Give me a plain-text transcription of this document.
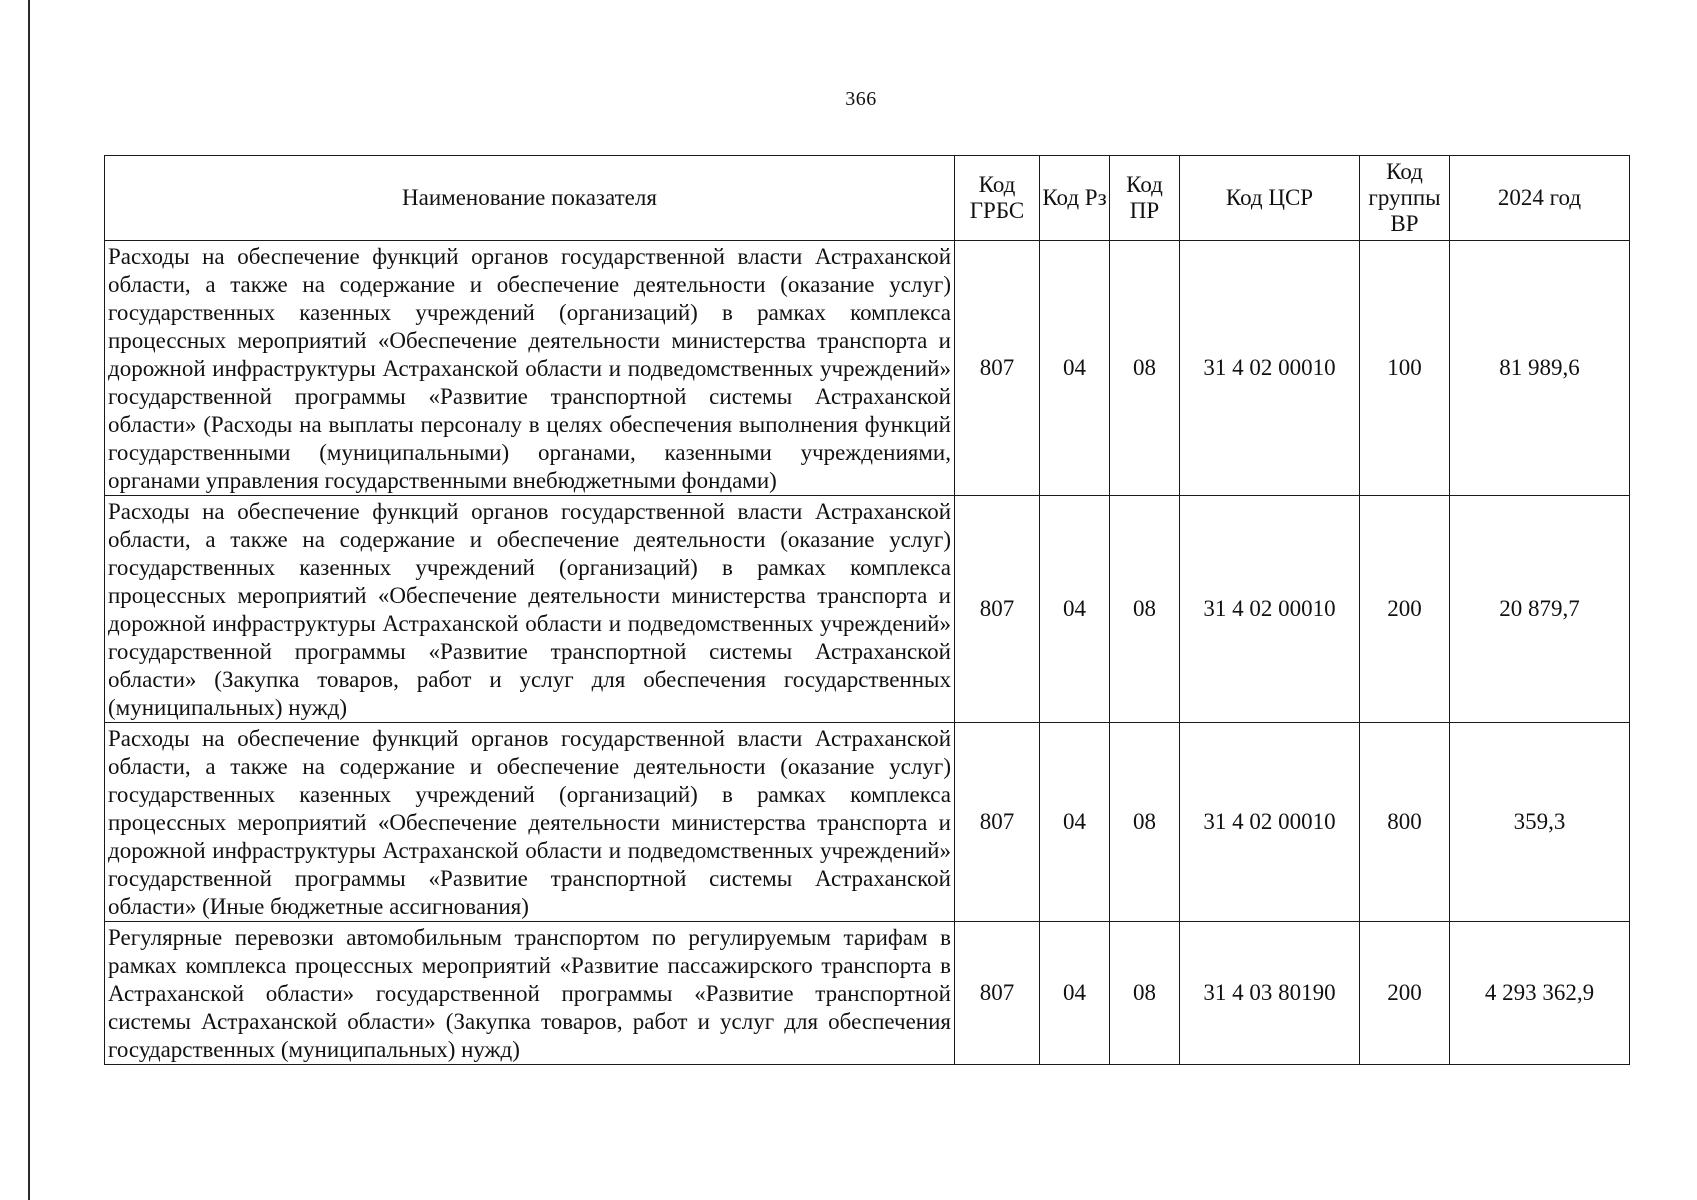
366
Наименование показателя	Код ГРБС	Код Рз	Код ПР	Код ЦСР	Код группы ВР	2024 год
Расходы на обеспечение функций органов государственной власти Астраханской области, а также на содержание и обеспечение деятельности (оказание услуг) государственных казенных учреждений (организаций) в рамках комплекса процессных мероприятий «Обеспечение деятельности министерства транспорта и дорожной инфраструктуры Астраханской области и подведомственных учреждений» государственной программы «Развитие транспортной системы Астраханской области» (Расходы на выплаты персоналу в целях обеспечения выполнения функций государственными (муниципальными) органами, казенными учреждениями, органами управления государственными внебюджетными фондами)	807	04	08	31 4 02 00010	100	81 989,6
Расходы на обеспечение функций органов государственной власти Астраханской области, а также на содержание и обеспечение деятельности (оказание услуг) государственных казенных учреждений (организаций) в рамках комплекса процессных мероприятий «Обеспечение деятельности министерства транспорта и дорожной инфраструктуры Астраханской области и подведомственных учреждений» государственной программы «Развитие транспортной системы Астраханской области» (Закупка товаров, работ и услуг для обеспечения государственных (муниципальных) нужд)	807	04	08	31 4 02 00010	200	20 879,7
Расходы на обеспечение функций органов государственной власти Астраханской области, а также на содержание и обеспечение деятельности (оказание услуг) государственных казенных учреждений (организаций) в рамках комплекса процессных мероприятий «Обеспечение деятельности министерства транспорта и дорожной инфраструктуры Астраханской области и подведомственных учреждений» государственной программы «Развитие транспортной системы Астраханской области» (Иные бюджетные ассигнования)	807	04	08	31 4 02 00010	800	359,3
Регулярные перевозки автомобильным транспортом по регулируемым тарифам в рамках комплекса процессных мероприятий «Развитие пассажирского транспорта в Астраханской области» государственной программы «Развитие транспортной системы Астраханской области» (Закупка товаров, работ и услуг для обеспечения государственных (муниципальных) нужд)	807	04	08	31 4 03 80190	200	4 293 362,9
